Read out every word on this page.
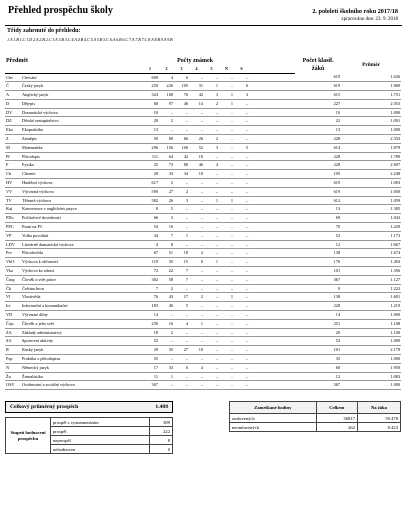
Přehled prospěchu školy	2. pololetí školního roku 2017/18
zpracováno dne: 23. 9. 2018
Třídy zahrnuté do přehledu:
1.A 1.B 1.C 1.D 2.A 2.B 2.C 3.A 3.B 3.C 4.A 4.B 4.C 5.A 5.B 5.C 6.A 6.B 6.C 7.A 7.B 7.C 8.A 8.B 9.A 9.B
Předmět		Počty známek								Počet klasif. žáků	Průměr
		1	2	3	4	5	N	S			
Chv	Chování	609	4	6	–	–	–	–		619	1.026
Č	Český jazyk	250	226	105	31	1	–	6		619	1.869
A	Anglický jazyk	324	168	76	42	3	1	3		615	1.751
D	Dějepis	68	97	46	14	2	1	–		227	2.053
DV	Dramatická výchova	10	–	–	–	–	–	–		10	1.000
DZ	Dětské zastupitelstvo	20	2	–	–	–	–	–		22	1.091
Eko	Ekopraktika	13	–	–	–	–	–	–		13	1.000
Z	Zeměpis	50	80	66	26	2	–	–		228	2.333
M	Matematika	296	156	106	52	3	–	5		614	1.878
Př	Přírodopis	111	64	42	10	–	–	–		228	1.789
F	Fyzika	25	73	80	46	4	–	–		228	2.697
Ch	Chemie	28	33	34	10	–	–	–		105	2.248
HV	Hudební výchova	617	2	–	–	–	–	–		619	1.003
VV	Výtvarná výchova	590	27	2	–	–	–	–		619	1.050
TV	Tělesná výchova	582	26	3	–	1	1	–		612	1.059
Kaj	Konverzace v anglickém jazyce	8	5	–	–	–	–	–		13	1.385
PDo	Počítačové dovednosti	66	3	–	–	–	–	–		69	1.043
PPC	Psaní na PC	54	16	–	–	–	–	–		70	1.229
VP	Volba povolání	44	7	1	–	–	–	–		52	1.173
LDV	Literárně dramatická výchova	4	8	–	–	–	–	–		12	1.667
Prv	Přírodověda	67	51	18	2	–	–	–		138	1.674
VkO	Výchova k občanství	119	35	15	6	1	–	–		176	1.494
Vkz	Výchova ke zdraví	72	22	7	–	–	–	–		101	1.356
Časp	Člověk a svět práce	302	58	7	–	–	–	–		367	1.127
Čh	Čeština hrou	7	2	–	–	–	–	–		9	1.222
Vl	Vlastivěda	76	43	17	2	–	1	–		138	1.601
Ict	Informační a komunikační	183	40	5	–	–	–	–		228	1.219
VD	Výtvarné dílny	14	–	–	–	–	–	–		14	1.000
Čajs	Člověk a jeho svět	230	16	4	1	–	–	–		251	1.108
ZA	Základy administrativy	18	2	–	–	–	–	–		20	1.100
SA	Sportovní aktivity	52	–	–	–	–	–	–		52	1.000
R	Ruský jazyk	29	35	27	10	–	–	–		101	2.178
Pzp	Praktika z přírodopisu	35	–	–	–	–	–	–		35	1.000
N	Německý jazyk	17	33	6	4	–	–	–		60	1.950
Žu	Žurnalistika	11	1	–	–	–	–	–		12	1.083
OSV	Osobnostní a sociální výchova	367	–	–	–	–	–	–		367	1.000
Celkový průměrný prospěch	1.488
Stupeň hodnocení prospěchu	prospěl s vyznamenáním	389
	prospěl	222
	neprospěl	8
	nehodnocen	0
Zameškané hodiny	Celkem	Na žáka
omluvených	36817	59.478
neomluvených	262	0.423
